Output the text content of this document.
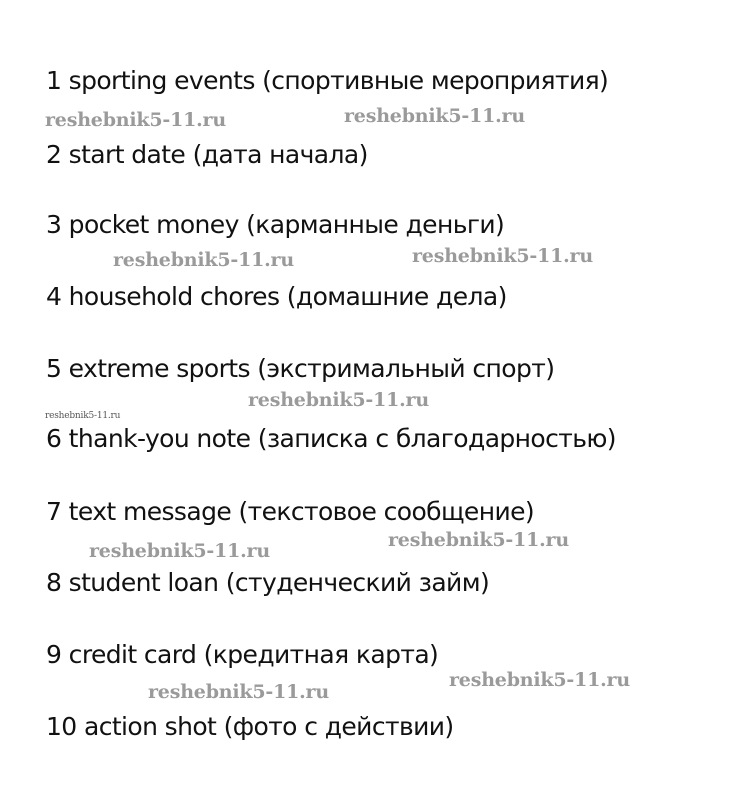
1 sporting events (спортивные мероприятия)

2 start date (дата начала)

3 pocket money (карманные деньги)

4 household chores (домашние дела)

5 extreme sports (экстримальный спорт)

6 thank-you note (записка с благодарностью)

7 text message (текстовое сообщение)

8 student loan (студенческий займ)

9 credit card (кредитная карта)

10 action shot (фото с действии)

reshebnik5-11.ru	reshebnik5-11.ru

reshebnik5-11.ru	reshebnik5-11.ru

reshebnik5-11.ru

reshebnik5-11.ru

reshebnik5-11.ru	reshebnik5-11.ru

reshebnik5-11.ru

reshebnik5-11.ru
